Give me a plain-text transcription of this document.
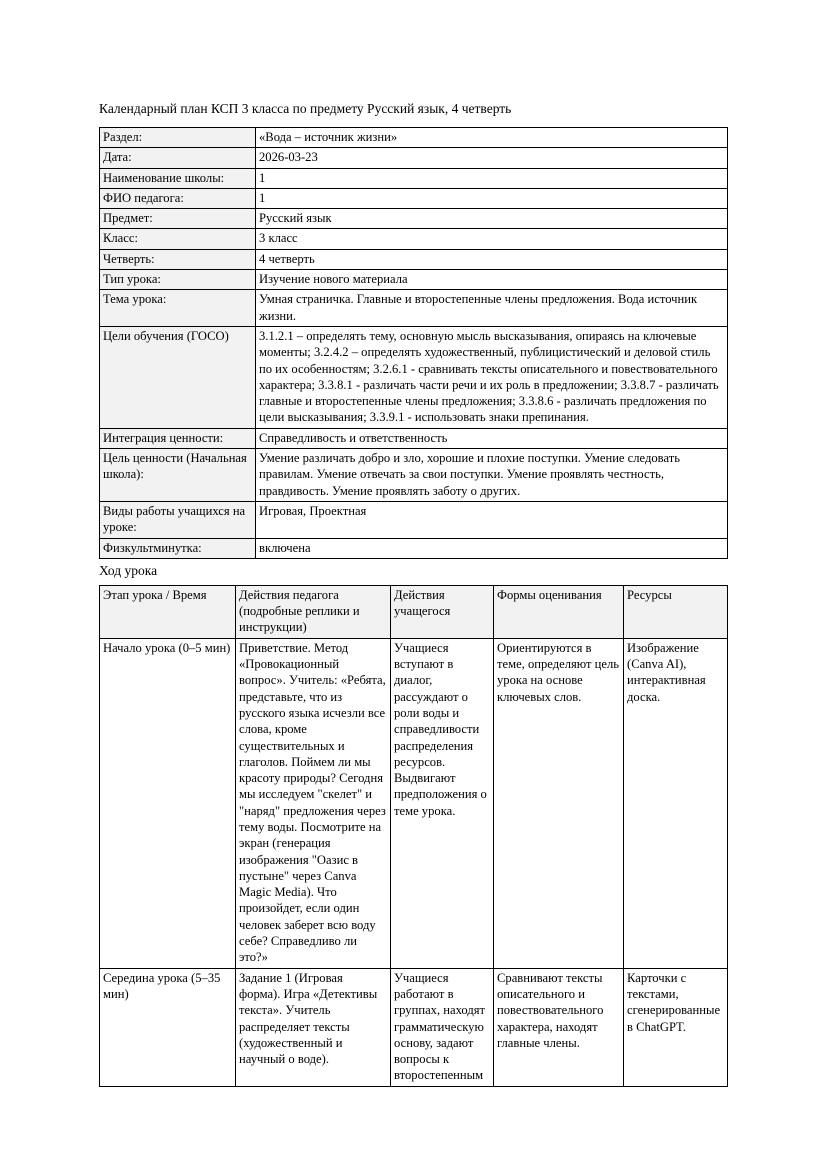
Календарный план КСП 3 класса по предмету Русский язык, 4 четверть
Раздел:	«Вода – источник жизни»
Дата:	2026-03-23
Наименование школы:	1
ФИО педагога:	1
Предмет:	Русский язык
Класс:	3 класс
Четверть:	4 четверть
Тип урока:	Изучение нового материала
Тема урока:	Умная страничка. Главные и второстепенные члены предложения. Вода источник жизни.
Цели обучения (ГОСО)	3.1.2.1 – определять тему, основную мысль высказывания, опираясь на ключевые моменты; 3.2.4.2 – определять художественный, публицистический и деловой стиль по их особенностям; 3.2.6.1 - сравнивать тексты описательного и повествовательного характера; 3.3.8.1 - различать части речи и их роль в предложении; 3.3.8.7 - различать главные и второстепенные члены предложения; 3.3.8.6 - различать предложения по цели высказывания; 3.3.9.1 - использовать знаки препинания.
Интеграция ценности:	Справедливость и ответственность
Цель ценности (Начальная школа):	Умение различать добро и зло, хорошие и плохие поступки. Умение следовать правилам. Умение отвечать за свои поступки. Умение проявлять честность, правдивость. Умение проявлять заботу о других.
Виды работы учащихся на уроке:	Игровая, Проектная
Физкультминутка:	включена
Ход урока
Этап урока / Время	Действия педагога (подробные реплики и инструкции)	Действия учащегося	Формы оценивания	Ресурсы
Начало урока (0–5 мин)	Приветствие. Метод «Провокационный вопрос». Учитель: «Ребята, представьте, что из русского языка исчезли все слова, кроме существительных и глаголов. Поймем ли мы красоту природы? Сегодня мы исследуем "скелет" и "наряд" предложения через тему воды. Посмотрите на экран (генерация изображения "Оазис в пустыне" через Canva Magic Media). Что произойдет, если один человек заберет всю воду себе? Справедливо ли это?»	Учащиеся вступают в диалог, рассуждают о роли воды и справедливости распределения ресурсов. Выдвигают предположения о теме урока.	Ориентируются в теме, определяют цель урока на основе ключевых слов.	Изображение (Canva AI), интерактивная доска.
Середина урока (5–35 мин)	Задание 1 (Игровая форма). Игра «Детективы текста». Учитель распределяет тексты (художественный и научный о воде).	Учащиеся работают в группах, находят грамматическую основу, задают вопросы к второстепенным	Сравнивают тексты описательного и повествовательного характера, находят главные члены.	Карточки с текстами, сгенерированные в ChatGPT.
